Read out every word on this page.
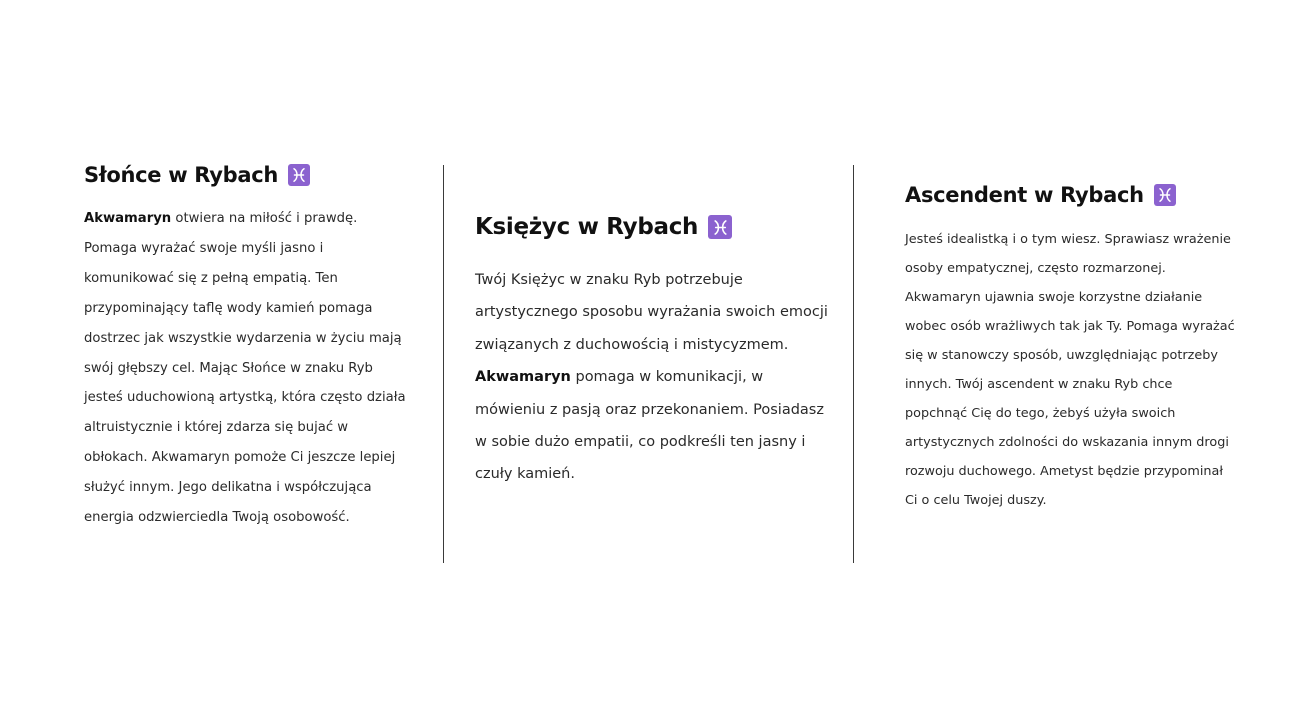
Słońce w Rybach

Akwamaryn otwiera na miłość i prawdę. Pomaga wyrażać swoje myśli jasno i komunikować się z pełną empatią. Ten przypominający taflę wody kamień pomaga dostrzec jak wszystkie wydarzenia w życiu mają swój głębszy cel. Mając Słońce w znaku Ryb jesteś uduchowioną artystką, która często działa altruistycznie i której zdarza się bujać w obłokach. Akwamaryn pomoże Ci jeszcze lepiej służyć innym. Jego delikatna i współczująca energia odzwierciedla Twoją osobowość.

Księżyc w Rybach

Twój Księżyc w znaku Ryb potrzebuje artystycznego sposobu wyrażania swoich emocji związanych z duchowością i mistycyzmem. Akwamaryn pomaga w komunikacji, w mówieniu z pasją oraz przekonaniem. Posiadasz w sobie dużo empatii, co podkreśli ten jasny i czuły kamień.

Ascendent w Rybach

Jesteś idealistką i o tym wiesz. Sprawiasz wrażenie osoby empatycznej, często rozmarzonej. Akwamaryn ujawnia swoje korzystne działanie wobec osób wrażliwych tak jak Ty. Pomaga wyrażać się w stanowczy sposób, uwzględniając potrzeby innych. Twój ascendent w znaku Ryb chce popchnąć Cię do tego, żebyś użyła swoich artystycznych zdolności do wskazania innym drogi rozwoju duchowego. Ametyst będzie przypominał Ci o celu Twojej duszy.
